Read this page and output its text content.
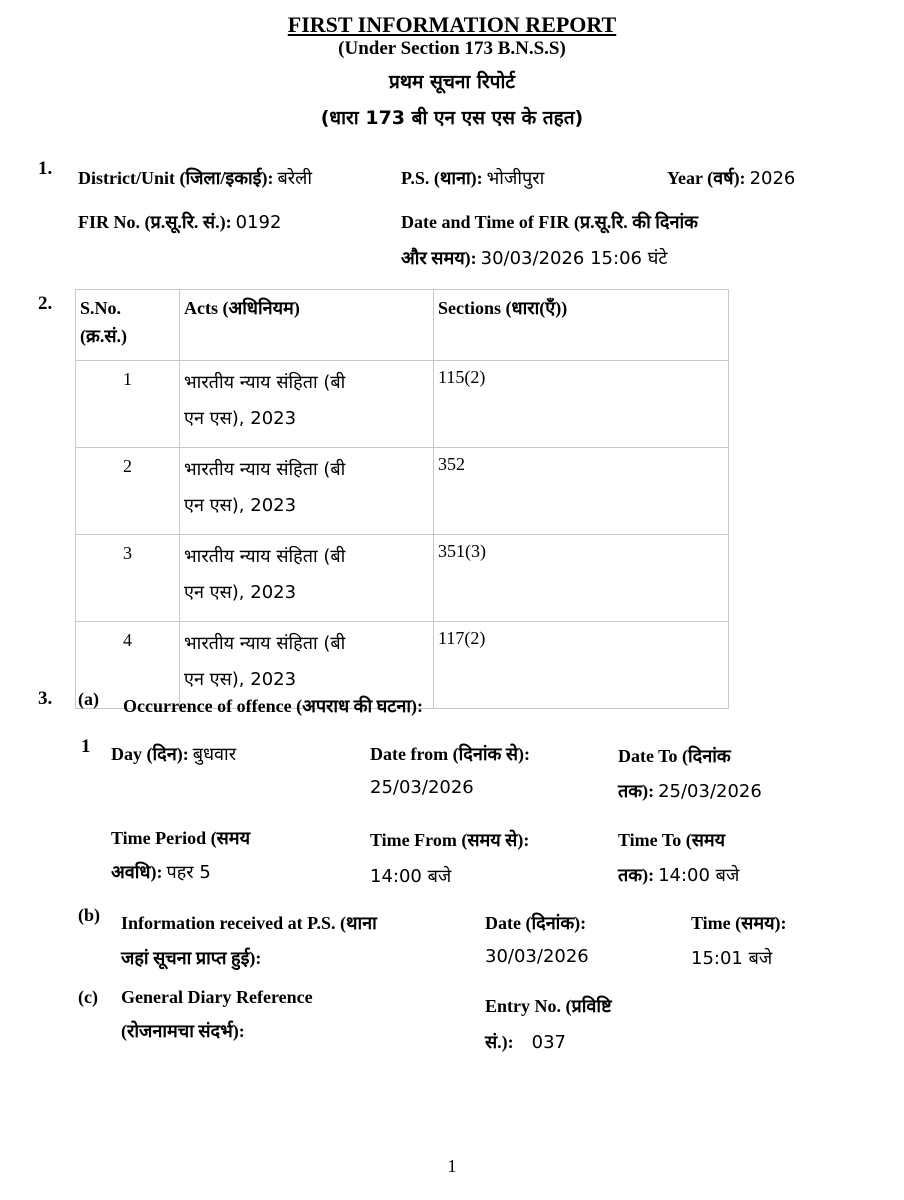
FIRST INFORMATION REPORT
(Under Section 173 B.N.S.S)
प्रथम सूचना रिपोर्ट
(धारा 173 बी एन एस एस के तहत)
1. District/Unit (जिला/इकाई): बरेली	P.S. (थाना): भोजीपुरा	Year (वर्ष): 2026
FIR No. (प्र.सू.रि. सं.): 0192	Date and Time of FIR (प्र.सू.रि. की दिनांक
और समय): 30/03/2026 15:06 घंटे
2. S.No.
(क्र.सं.)	Acts (अधिनियम)	Sections (धारा(एँ))
1	भारतीय न्याय संहिता (बी
एन एस), 2023	115(2)
2	भारतीय न्याय संहिता (बी
एन एस), 2023	352
3	भारतीय न्याय संहिता (बी
एन एस), 2023	351(3)
4	भारतीय न्याय संहिता (बी
एन एस), 2023	117(2)
3. (a) Occurrence of offence (अपराध की घटना):
1 Day (दिन): बुधवार	Date from (दिनांक से):
25/03/2026
Date To (दिनांक
तक): 25/03/2026
Time Period (समय
अवधि): पहर 5
Time From (समय से):
14:00 बजे
Time To (समय
तक): 14:00 बजे
(b) Information received at P.S. (थाना
जहां सूचना प्राप्त हुई):
Date (दिनांक):
30/03/2026
Time (समय):
15:01 बजे
(c) General Diary Reference
(रोजनामचा संदर्भ):
Entry No. (प्रविष्टि
सं.): 037
1
